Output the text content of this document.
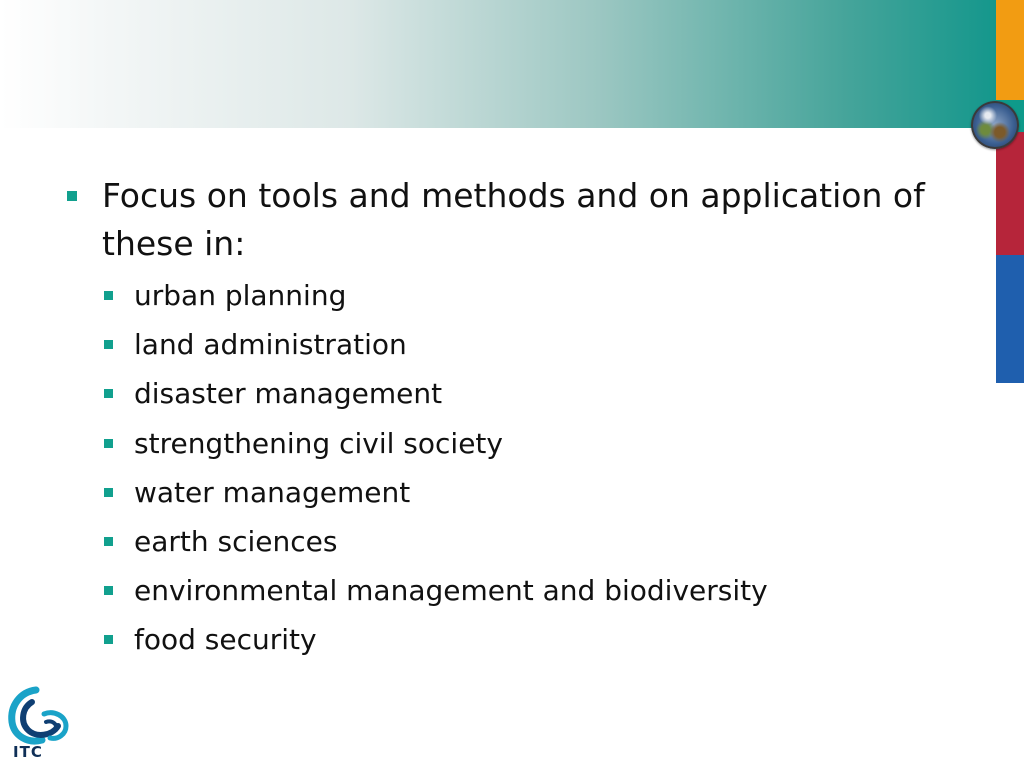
Focus on tools and methods and on application of these in:
urban planning
land administration
disaster management
strengthening civil society
water management
earth sciences
environmental management and biodiversity
food security
ITC
